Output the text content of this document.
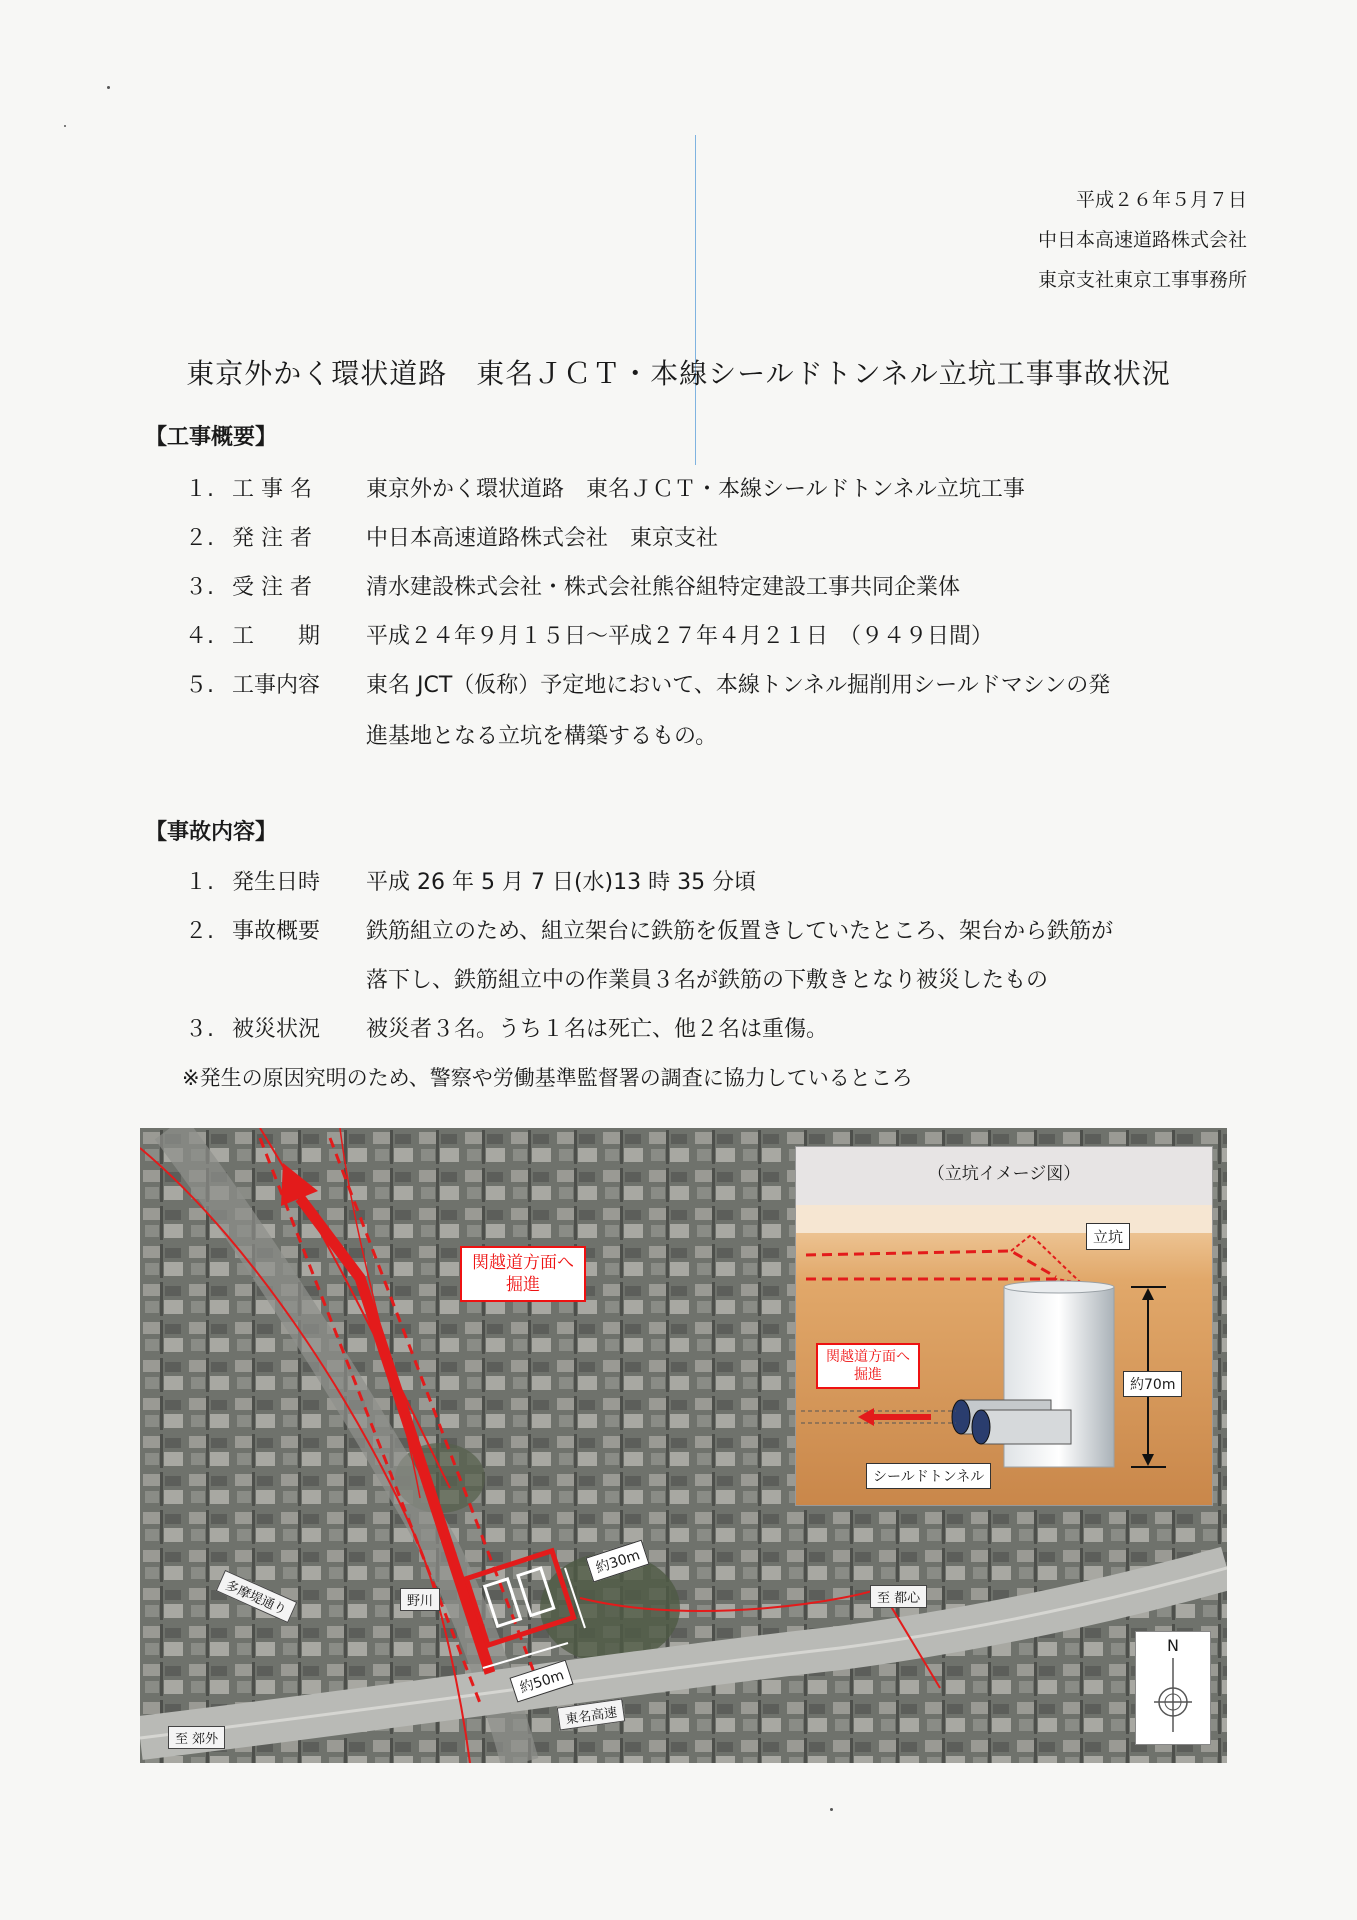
平成２６年５月７日
中日本高速道路株式会社
東京支社東京工事事務所
東京外かく環状道路　東名ＪＣＴ・本線シールドトンネル立坑工事事故状況
【工事概要】
１. 工 事 名 東京外かく環状道路　東名ＪＣＴ・本線シールドトンネル立坑工事
２. 発 注 者 中日本高速道路株式会社　東京支社
３. 受 注 者 清水建設株式会社・株式会社熊谷組特定建設工事共同企業体
４. 工　　期 平成２４年９月１５日～平成２７年４月２１日　（９４９日間）
５. 工事内容 東名 JCT（仮称）予定地において、本線トンネル掘削用シールドマシンの発
進基地となる立坑を構築するもの。
【事故内容】
１. 発生日時 平成 26 年 5 月 7 日(水)13 時 35 分頃
２. 事故概要 鉄筋組立のため、組立架台に鉄筋を仮置きしていたところ、架台から鉄筋が
落下し、鉄筋組立中の作業員３名が鉄筋の下敷きとなり被災したもの
３. 被災状況 被災者３名。うち１名は死亡、他２名は重傷。
※発生の原因究明のため、警察や労働基準監督署の調査に協力しているところ
関越道方面へ
掘進
多摩堤通り	野川	至 都心
至 郊外
東名高速
約30m
約50m
（立坑イメージ図）
立坑
関越道方面へ
掘進
約70m
シールドトンネル
N
